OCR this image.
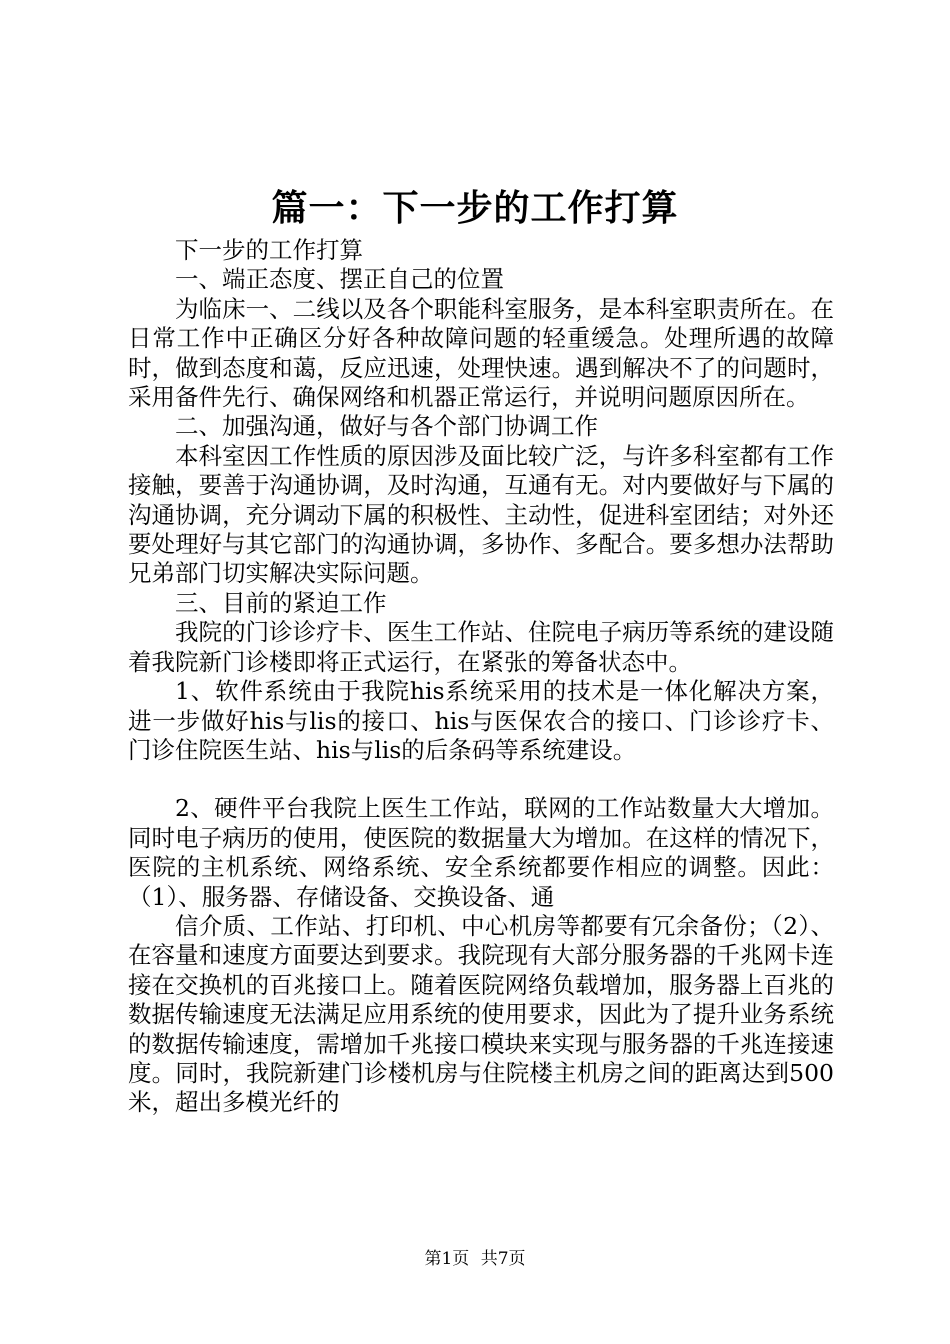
篇一：下一步的工作打算

下一步的工作打算

一、端正态度、摆正自己的位置

为临床一、二线以及各个职能科室服务，是本科室职责所在。在日常工作中正确区分好各种故障问题的轻重缓急。处理所遇的故障时，做到态度和蔼，反应迅速，处理快速。遇到解决不了的问题时，采用备件先行、确保网络和机器正常运行，并说明问题原因所在。

二、加强沟通，做好与各个部门协调工作

本科室因工作性质的原因涉及面比较广泛，与许多科室都有工作接触，要善于沟通协调，及时沟通，互通有无。对内要做好与下属的沟通协调，充分调动下属的积极性、主动性，促进科室团结；对外还要处理好与其它部门的沟通协调，多协作、多配合。要多想办法帮助兄弟部门切实解决实际问题。

三、目前的紧迫工作

我院的门诊诊疗卡、医生工作站、住院电子病历等系统的建设随着我院新门诊楼即将正式运行，在紧张的筹备状态中。

1、软件系统由于我院his系统采用的技术是一体化解决方案，进一步做好his与lis的接口、his与医保农合的接口、门诊诊疗卡、门诊住院医生站、his与lis的后条码等系统建设。

2、硬件平台我院上医生工作站，联网的工作站数量大大增加。同时电子病历的使用，使医院的数据量大为增加。在这样的情况下，医院的主机系统、网络系统、安全系统都要作相应的调整。因此：（1）、服务器、存储设备、交换设备、通

信介质、工作站、打印机、中心机房等都要有冗余备份；（2）、在容量和速度方面要达到要求。我院现有大部分服务器的千兆网卡连接在交换机的百兆接口上。随着医院网络负载增加，服务器上百兆的数据传输速度无法满足应用系统的使用要求，因此为了提升业务系统的数据传输速度，需增加千兆接口模块来实现与服务器的千兆连接速度。同时，我院新建门诊楼机房与住院楼主机房之间的距离达到500米，超出多模光纤的

第1页 共7页
